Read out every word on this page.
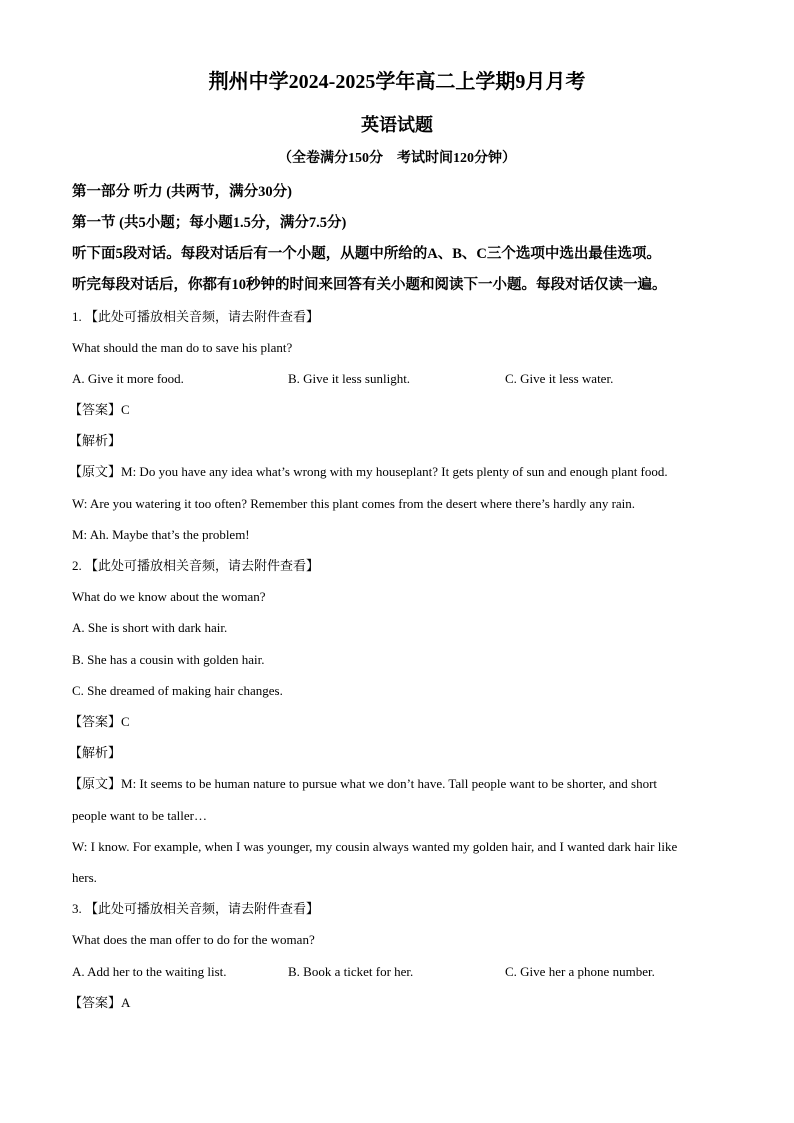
荆州中学2024-2025学年高二上学期9月月考
英语试题
（全卷满分150分　考试时间120分钟）
第一部分 听力 (共两节，满分30分)
第一节 (共5小题；每小题1.5分，满分7.5分)
听下面5段对话。每段对话后有一个小题，从题中所给的A、B、C三个选项中选出最佳选项。
听完每段对话后，你都有10秒钟的时间来回答有关小题和阅读下一小题。每段对话仅读一遍。
1. 【此处可播放相关音频，请去附件查看】
What should the man do to save his plant?
A. Give it more food.	B. Give it less sunlight.	C. Give it less water.
【答案】C
【解析】
【原文】M: Do you have any idea what’s wrong with my houseplant? It gets plenty of sun and enough plant food.
W: Are you watering it too often? Remember this plant comes from the desert where there’s hardly any rain.
M: Ah. Maybe that’s the problem!
2. 【此处可播放相关音频，请去附件查看】
What do we know about the woman?
A. She is short with dark hair.
B. She has a cousin with golden hair.
C. She dreamed of making hair changes.
【答案】C
【解析】
【原文】M: It seems to be human nature to pursue what we don’t have. Tall people want to be shorter, and short
people want to be taller…
W: I know. For example, when I was younger, my cousin always wanted my golden hair, and I wanted dark hair like
hers.
3. 【此处可播放相关音频，请去附件查看】
What does the man offer to do for the woman?
A. Add her to the waiting list.	B. Book a ticket for her.	C. Give her a phone number.
【答案】A
